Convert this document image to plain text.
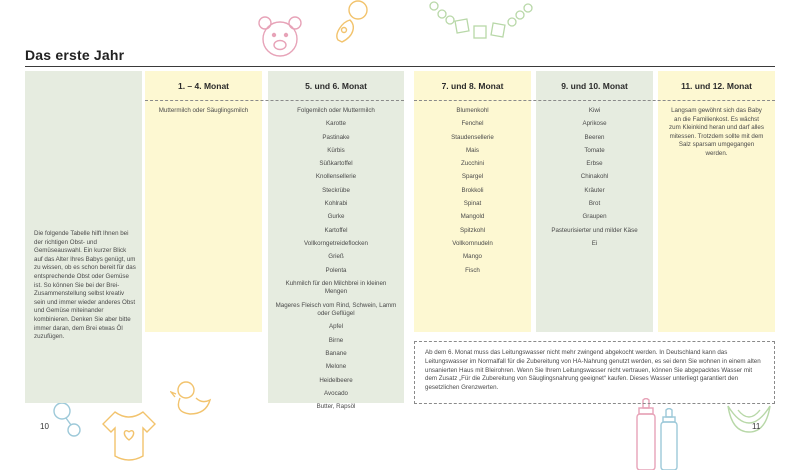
Das erste Jahr
Die folgende Tabelle hilft Ihnen bei der richtigen Obst- und Gemüseauswahl. Ein kurzer Blick auf das Alter Ihres Babys genügt, um zu wissen, ob es schon bereit für das entsprechende Obst oder Gemüse ist. So können Sie bei der Brei-Zusammenstellung selbst kreativ sein und immer wieder anderes Obst und Gemüse miteinander kombinieren. Denken Sie aber bitte immer daran, dem Brei etwas Öl zuzufügen.
1. – 4. Monat
Muttermilch oder Säuglingsmilch
5. und 6. Monat
Folgemilch oder Muttermilch
Karotte
Pastinake
Kürbis
Süßkartoffel
Knollensellerie
Steckrübe
Kohlrabi
Gurke
Kartoffel
Vollkorngetreideflocken
Grieß
Polenta
Kuhmilch für den Milchbrei in kleinen Mengen
Mageres Fleisch vom Rind, Schwein, Lamm oder Geflügel
Apfel
Birne
Banane
Melone
Heidelbeere
Avocado
Butter, Rapsöl
7. und 8. Monat
Blumenkohl
Fenchel
Staudensellerie
Mais
Zucchini
Spargel
Brokkoli
Spinat
Mangold
Spitzkohl
Vollkornnudeln
Mango
Fisch
9. und 10. Monat
Kiwi
Aprikose
Beeren
Tomate
Erbse
Chinakohl
Kräuter
Brot
Graupen
Pasteurisierter und milder Käse
Ei
11. und 12. Monat
Langsam gewöhnt sich das Baby an die Familienkost. Es wächst zum Kleinkind heran und darf alles mitessen. Trotzdem sollte mit dem Salz sparsam umgegangen werden.
Ab dem 6. Monat muss das Leitungswasser nicht mehr zwingend abgekocht werden. In Deutschland kann das Leitungswasser im Normalfall für die Zubereitung von HA-Nahrung genutzt werden, es sei denn Sie wohnen in einem alten unsanierten Haus mit Bleirohren. Wenn Sie Ihrem Leitungswasser nicht vertrauen, können Sie abgepacktes Wasser mit dem Zusatz „Für die Zubereitung von Säuglingsnahrung geeignet“ kaufen. Dieses Wasser unterliegt garantiert den gesetzlichen Grenzwerten.
10	11
